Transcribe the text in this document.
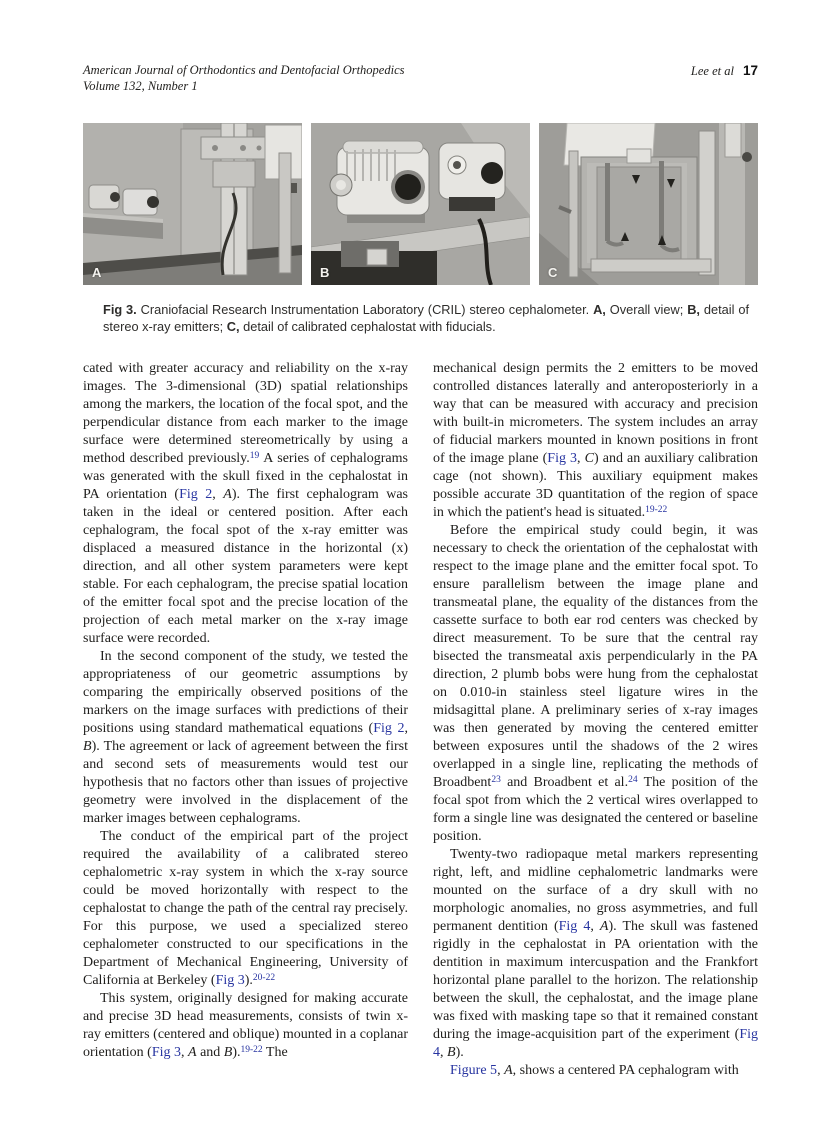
American Journal of Orthodontics and Dentofacial Orthopedics
Volume 132, Number 1
Lee et al 17
A	B	C
Fig 3. Craniofacial Research Instrumentation Laboratory (CRIL) stereo cephalometer. A, Overall view; B, detail of stereo x-ray emitters; C, detail of calibrated cephalostat with fiducials.

cated with greater accuracy and reliability on the x-ray images. The 3-dimensional (3D) spatial relationships among the markers, the location of the focal spot, and the perpendicular distance from each marker to the image surface were determined stereometrically by using a method described previously.$^{19}$ A series of cephalograms was generated with the skull fixed in the cephalostat in PA orientation (Fig 2, A). The first cephalogram was taken in the ideal or centered position. After each cephalogram, the focal spot of the x-ray emitter was displaced a measured distance in the horizontal (x) direction, and all other system parameters were kept stable. For each cephalogram, the precise spatial location of the emitter focal spot and the precise location of the projection of each metal marker on the x-ray image surface were recorded.

In the second component of the study, we tested the appropriateness of our geometric assumptions by comparing the empirically observed positions of the markers on the image surfaces with predictions of their positions using standard mathematical equations (Fig 2, B). The agreement or lack of agreement between the first and second sets of measurements would test our hypothesis that no factors other than issues of projective geometry were involved in the displacement of the marker images between cephalograms.

The conduct of the empirical part of the project required the availability of a calibrated stereo cephalometric x-ray system in which the x-ray source could be moved horizontally with respect to the cephalostat to change the path of the central ray precisely. For this purpose, we used a specialized stereo cephalometer constructed to our specifications in the Department of Mechanical Engineering, University of California at Berkeley (Fig 3).$^{20-22}$

This system, originally designed for making accurate and precise 3D head measurements, consists of twin x-ray emitters (centered and oblique) mounted in a coplanar orientation (Fig 3, A and B).$^{19-22}$ The

mechanical design permits the 2 emitters to be moved controlled distances laterally and anteroposteriorly in a way that can be measured with accuracy and precision with built-in micrometers. The system includes an array of fiducial markers mounted in known positions in front of the image plane (Fig 3, C) and an auxiliary calibration cage (not shown). This auxiliary equipment makes possible accurate 3D quantitation of the region of space in which the patient's head is situated.$^{19-22}$

Before the empirical study could begin, it was necessary to check the orientation of the cephalostat with respect to the image plane and the emitter focal spot. To ensure parallelism between the image plane and transmeatal plane, the equality of the distances from the cassette surface to both ear rod centers was checked by direct measurement. To be sure that the central ray bisected the transmeatal axis perpendicularly in the PA direction, 2 plumb bobs were hung from the cephalostat on 0.010-in stainless steel ligature wires in the midsagittal plane. A preliminary series of x-ray images was then generated by moving the centered emitter between exposures until the shadows of the 2 wires overlapped in a single line, replicating the methods of Broadbent$^{23}$ and Broadbent et al.$^{24}$ The position of the focal spot from which the 2 vertical wires overlapped to form a single line was designated the centered or baseline position.

Twenty-two radiopaque metal markers representing right, left, and midline cephalometric landmarks were mounted on the surface of a dry skull with no morphologic anomalies, no gross asymmetries, and full permanent dentition (Fig 4, A). The skull was fastened rigidly in the cephalostat in PA orientation with the dentition in maximum intercuspation and the Frankfort horizontal plane parallel to the horizon. The relationship between the skull, the cephalostat, and the image plane was fixed with masking tape so that it remained constant during the image-acquisition part of the experiment (Fig 4, B).

Figure 5, A, shows a centered PA cephalogram with
